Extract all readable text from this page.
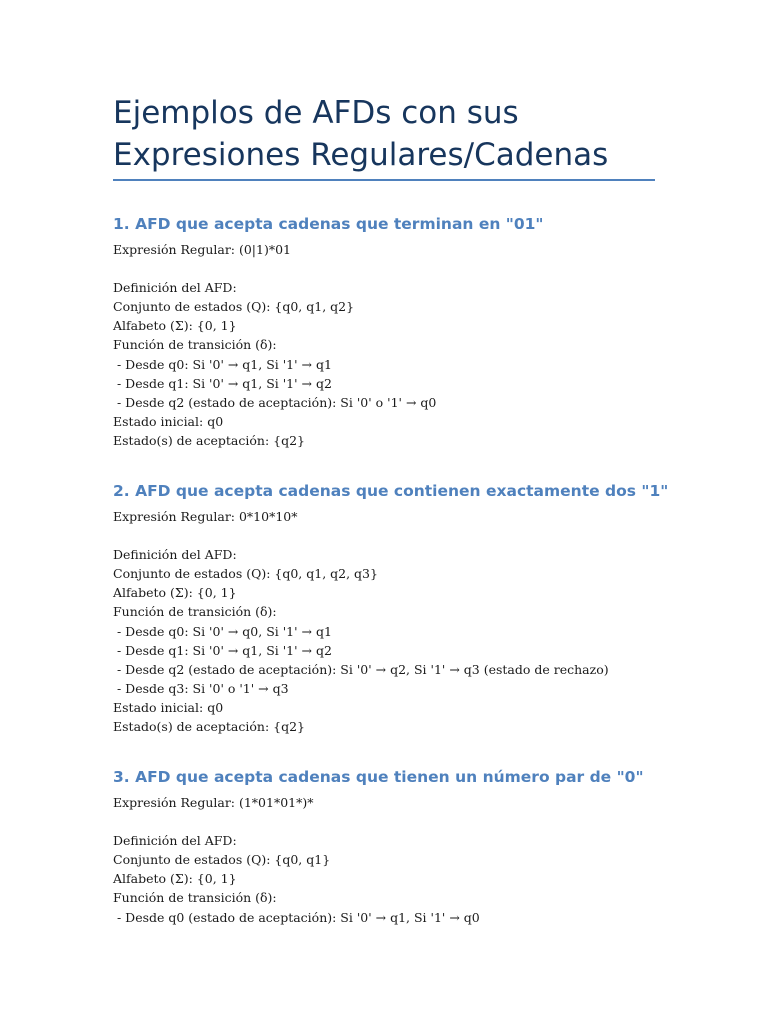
Ejemplos de AFDs con sus Expresiones Regulares/Cadenas
1. AFD que acepta cadenas que terminan en "01"
Expresión Regular: (0|1)*01
Definición del AFD:
Conjunto de estados (Q): {q0, q1, q2}
Alfabeto (Σ): {0, 1}
Función de transición (δ):
- Desde q0: Si '0' → q1, Si '1' → q1
- Desde q1: Si '0' → q1, Si '1' → q2
- Desde q2 (estado de aceptación): Si '0' o '1' → q0
Estado inicial: q0
Estado(s) de aceptación: {q2}
2. AFD que acepta cadenas que contienen exactamente dos "1"
Expresión Regular: 0*10*10*
Definición del AFD:
Conjunto de estados (Q): {q0, q1, q2, q3}
Alfabeto (Σ): {0, 1}
Función de transición (δ):
- Desde q0: Si '0' → q0, Si '1' → q1
- Desde q1: Si '0' → q1, Si '1' → q2
- Desde q2 (estado de aceptación): Si '0' → q2, Si '1' → q3 (estado de rechazo)
- Desde q3: Si '0' o '1' → q3
Estado inicial: q0
Estado(s) de aceptación: {q2}
3. AFD que acepta cadenas que tienen un número par de "0"
Expresión Regular: (1*01*01*)*
Definición del AFD:
Conjunto de estados (Q): {q0, q1}
Alfabeto (Σ): {0, 1}
Función de transición (δ):
- Desde q0 (estado de aceptación): Si '0' → q1, Si '1' → q0
